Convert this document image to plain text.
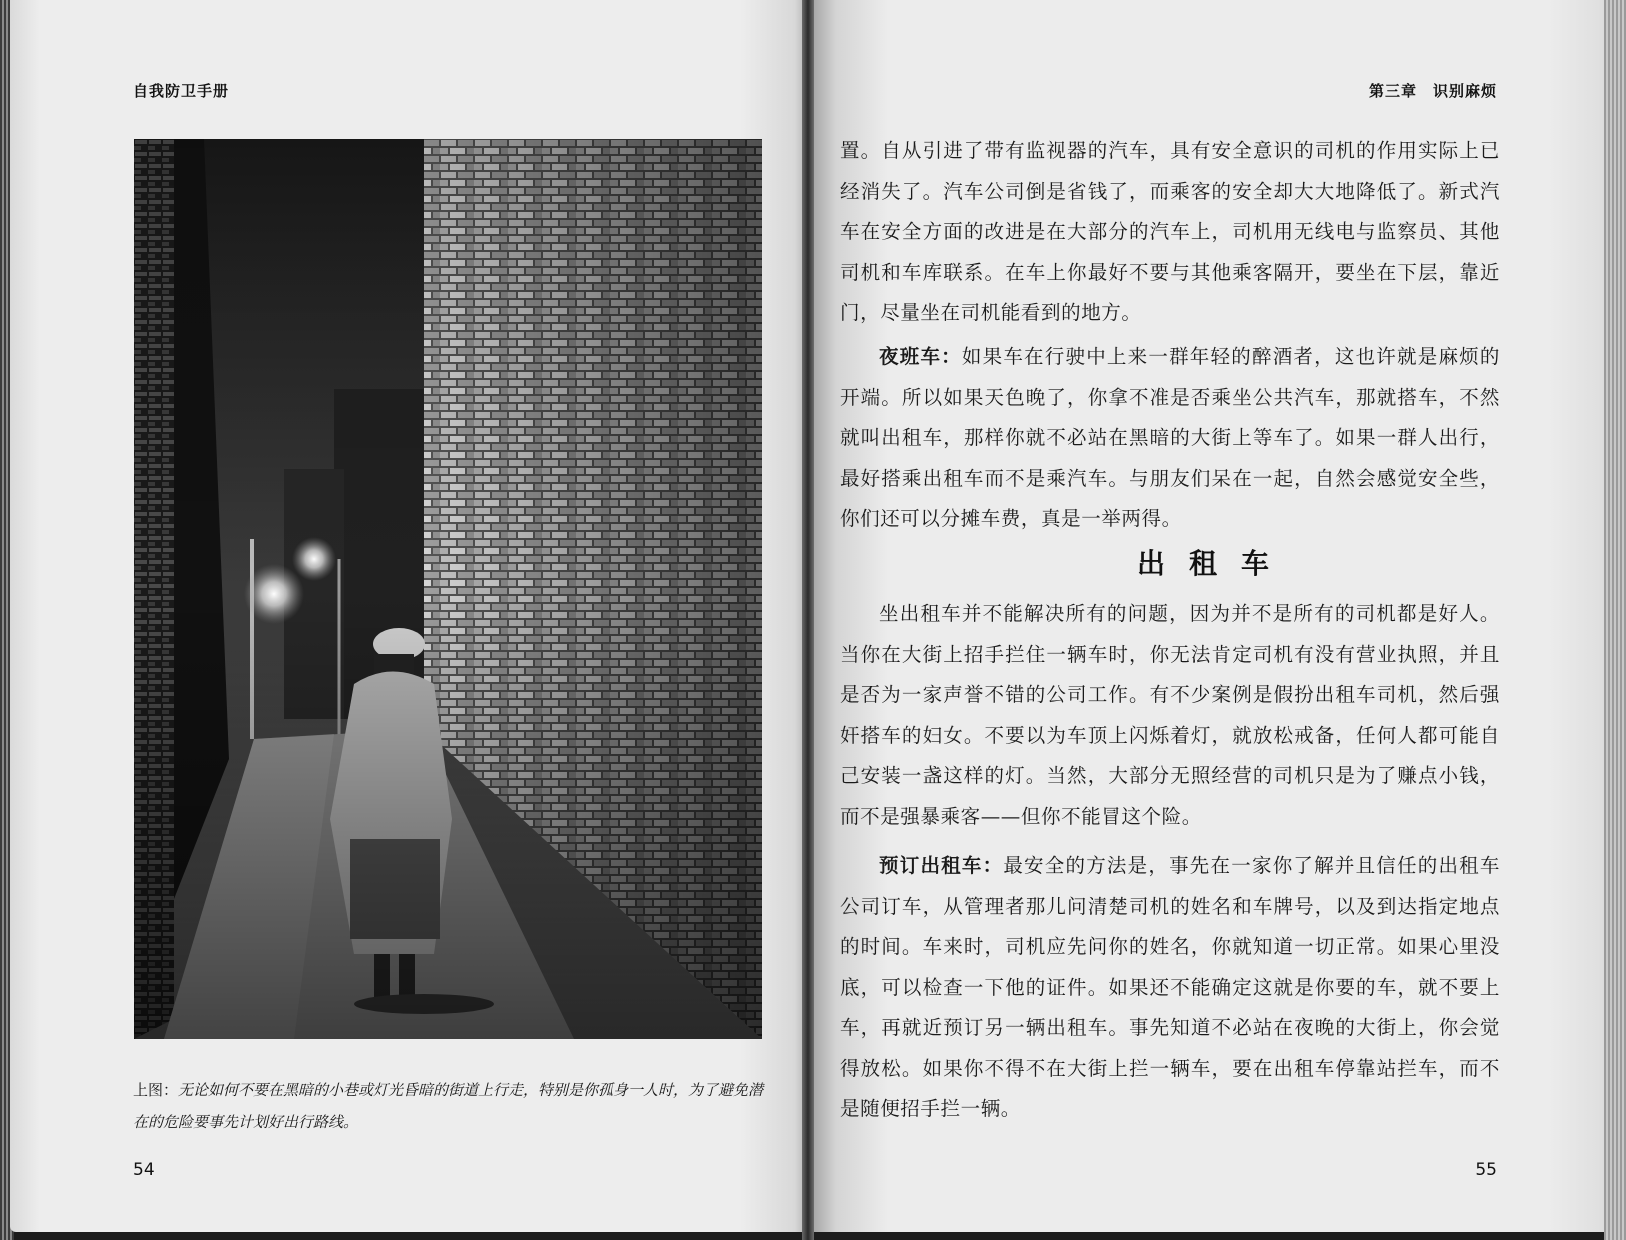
自我防卫手册
上图：无论如何不要在黑暗的小巷或灯光昏暗的街道上行走，特别是你孤身一人时，为了避免潜在的危险要事先计划好出行路线。
54
第三章　识别麻烦

置。自从引进了带有监视器的汽车，具有安全意识的司机的作用实际上已经消失了。汽车公司倒是省钱了，而乘客的安全却大大地降低了。新式汽车在安全方面的改进是在大部分的汽车上，司机用无线电与监察员、其他司机和车库联系。在车上你最好不要与其他乘客隔开，要坐在下层，靠近门，尽量坐在司机能看到的地方。

夜班车：如果车在行驶中上来一群年轻的醉酒者，这也许就是麻烦的开端。所以如果天色晚了，你拿不准是否乘坐公共汽车，那就搭车，不然就叫出租车，那样你就不必站在黑暗的大街上等车了。如果一群人出行，最好搭乘出租车而不是乘汽车。与朋友们呆在一起，自然会感觉安全些，你们还可以分摊车费，真是一举两得。

出租车

坐出租车并不能解决所有的问题，因为并不是所有的司机都是好人。当你在大街上招手拦住一辆车时，你无法肯定司机有没有营业执照，并且是否为一家声誉不错的公司工作。有不少案例是假扮出租车司机，然后强奸搭车的妇女。不要以为车顶上闪烁着灯，就放松戒备，任何人都可能自己安装一盏这样的灯。当然，大部分无照经营的司机只是为了赚点小钱，而不是强暴乘客——但你不能冒这个险。

预订出租车：最安全的方法是，事先在一家你了解并且信任的出租车公司订车，从管理者那儿问清楚司机的姓名和车牌号，以及到达指定地点的时间。车来时，司机应先问你的姓名，你就知道一切正常。如果心里没底，可以检查一下他的证件。如果还不能确定这就是你要的车，就不要上车，再就近预订另一辆出租车。事先知道不必站在夜晚的大街上，你会觉得放松。如果你不得不在大街上拦一辆车，要在出租车停靠站拦车，而不是随便招手拦一辆。

55
